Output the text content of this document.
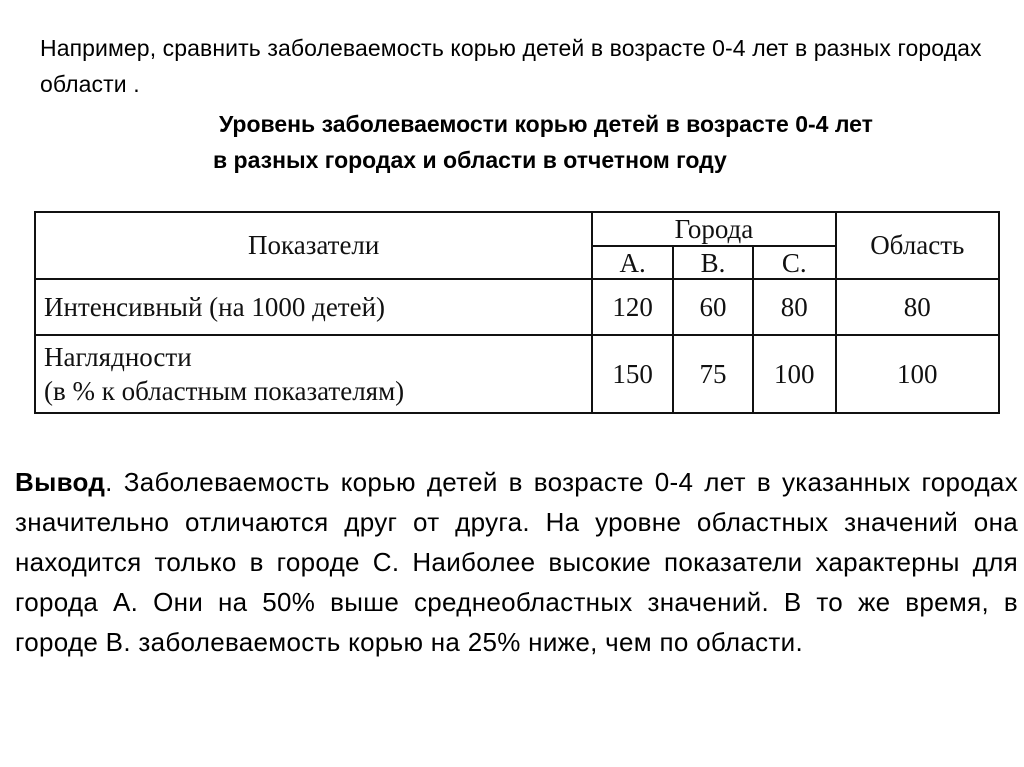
Например, сравнить заболеваемость корью детей в возрасте 0-4 лет в разных городах области .
Уровень заболеваемости корью детей в возрасте 0-4 лет
в разных городах и области в отчетном году
Показатели	Города			Область
	А.	В.	С.	
Интенсивный (на 1000 детей)	120	60	80	80
Наглядности
(в % к областным показателям)	150	75	100	100
Вывод. Заболеваемость корью детей в возрасте 0-4 лет в указанных городах значительно отличаются друг от друга. На уровне областных значений она находится только в городе С. Наиболее высокие показатели характерны для города А. Они на 50% выше среднеобластных значений. В то же время, в городе В. заболеваемость корью на 25% ниже, чем по области.
